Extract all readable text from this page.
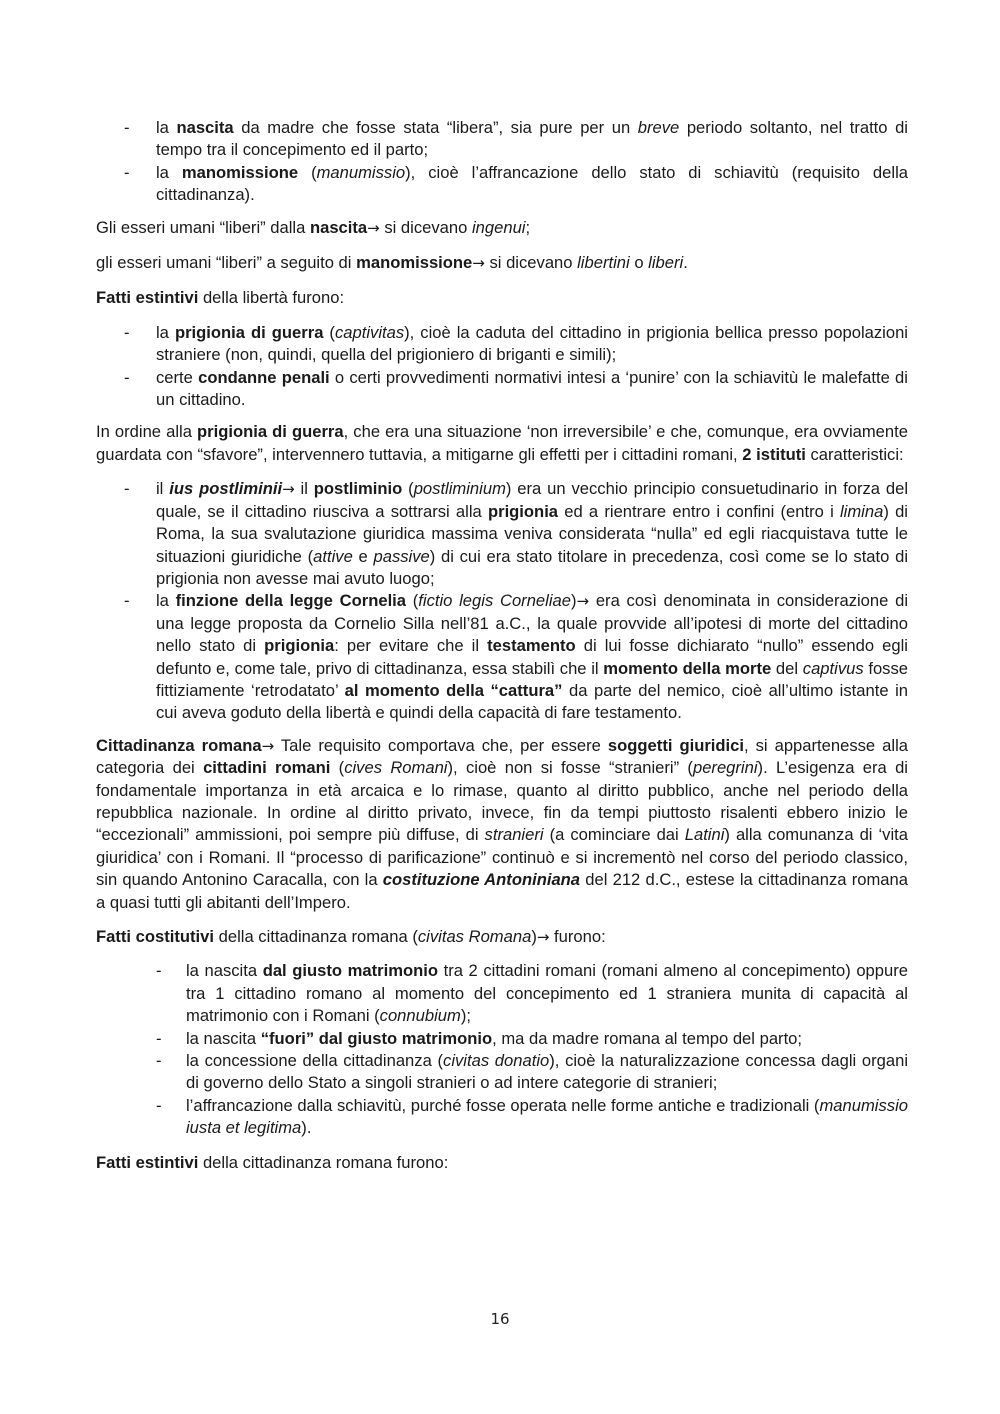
- la nascita da madre che fosse stata “libera”, sia pure per un breve periodo soltanto, nel tratto di tempo tra il concepimento ed il parto;
- la manomissione (manumissio), cioè l’affrancazione dello stato di schiavitù (requisito della cittadinanza).

Gli esseri umani “liberi” dalla nascita→ si dicevano ingenui;

gli esseri umani “liberi” a seguito di manomissione→ si dicevano libertini o liberi.

Fatti estintivi della libertà furono:

- la prigionia di guerra (captivitas), cioè la caduta del cittadino in prigionia bellica presso popolazioni straniere (non, quindi, quella del prigioniero di briganti e simili);
- certe condanne penali o certi provvedimenti normativi intesi a ‘punire’ con la schiavitù le malefatte di un cittadino.

In ordine alla prigionia di guerra, che era una situazione ‘non irreversibile’ e che, comunque, era ovviamente guardata con “sfavore”, intervennero tuttavia, a mitigarne gli effetti per i cittadini romani, 2 istituti caratteristici:

- il ius postliminii→ il postliminio (postliminium) era un vecchio principio consuetudinario in forza del quale, se il cittadino riusciva a sottrarsi alla prigionia ed a rientrare entro i confini (entro i limina) di Roma, la sua svalutazione giuridica massima veniva considerata “nulla” ed egli riacquistava tutte le situazioni giuridiche (attive e passive) di cui era stato titolare in precedenza, così come se lo stato di prigionia non avesse mai avuto luogo;
- la finzione della legge Cornelia (fictio legis Corneliae)→ era così denominata in considerazione di una legge proposta da Cornelio Silla nell’81 a.C., la quale provvide all’ipotesi di morte del cittadino nello stato di prigionia: per evitare che il testamento di lui fosse dichiarato “nullo” essendo egli defunto e, come tale, privo di cittadinanza, essa stabilì che il momento della morte del captivus fosse fittiziamente ‘retrodatato’ al momento della “cattura” da parte del nemico, cioè all’ultimo istante in cui aveva goduto della libertà e quindi della capacità di fare testamento.

Cittadinanza romana→ Tale requisito comportava che, per essere soggetti giuridici, si appartenesse alla categoria dei cittadini romani (cives Romani), cioè non si fosse “stranieri” (peregrini). L’esigenza era di fondamentale importanza in età arcaica e lo rimase, quanto al diritto pubblico, anche nel periodo della repubblica nazionale. In ordine al diritto privato, invece, fin da tempi piuttosto risalenti ebbero inizio le “eccezionali” ammissioni, poi sempre più diffuse, di stranieri (a cominciare dai Latini) alla comunanza di ‘vita giuridica’ con i Romani. Il “processo di parificazione” continuò e si incrementò nel corso del periodo classico, sin quando Antonino Caracalla, con la costituzione Antoniniana del 212 d.C., estese la cittadinanza romana a quasi tutti gli abitanti dell’Impero.

Fatti costitutivi della cittadinanza romana (civitas Romana)→ furono:

- la nascita dal giusto matrimonio tra 2 cittadini romani (romani almeno al concepimento) oppure tra 1 cittadino romano al momento del concepimento ed 1 straniera munita di capacità al matrimonio con i Romani (connubium);
- la nascita “fuori” dal giusto matrimonio, ma da madre romana al tempo del parto;
- la concessione della cittadinanza (civitas donatio), cioè la naturalizzazione concessa dagli organi di governo dello Stato a singoli stranieri o ad intere categorie di stranieri;
- l’affrancazione dalla schiavitù, purché fosse operata nelle forme antiche e tradizionali (manumissio iusta et legitima).

Fatti estintivi della cittadinanza romana furono:

16
